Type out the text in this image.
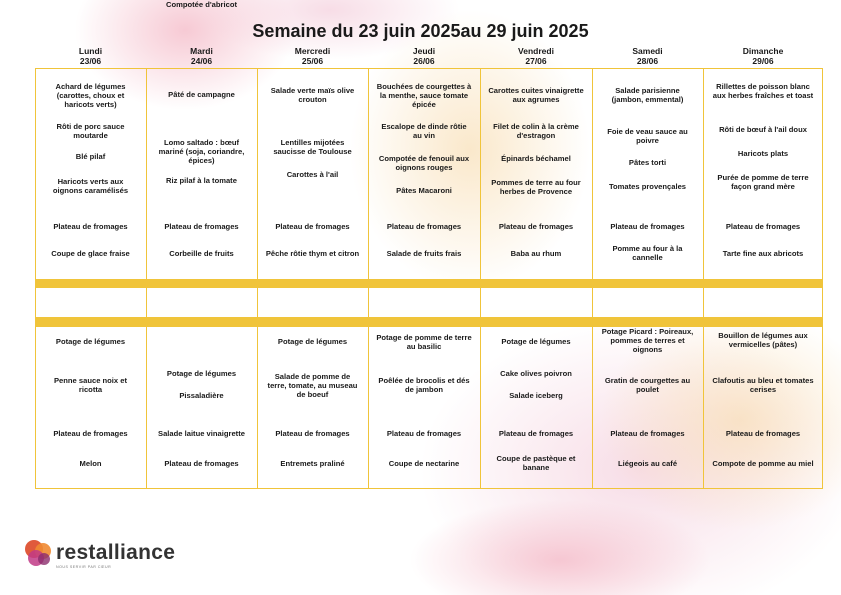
Semaine du 23 juin 2025au 29 juin 2025
Lundi
23/06
Mardi
24/06
Mercredi
25/06
Jeudi
26/06
Vendredi
27/06
Samedi
28/06
Dimanche
29/06
Achard de légumes (carottes, choux et haricots verts)
Rôti de porc sauce moutarde
Blé pilaf
Haricots verts aux oignons caramélisés
Plateau de fromages
Coupe de glace fraise
Pâté de campagne
Lomo saltado : bœuf mariné (soja, coriandre, épices)
Riz pilaf à la tomate
Plateau de fromages
Corbeille de fruits
Salade verte maïs olive crouton
Lentilles mijotées saucisse de Toulouse
Carottes à l'ail
Plateau de fromages
Pêche rôtie thym et citron
Bouchées de courgettes à la menthe, sauce tomate épicée
Escalope de dinde rôtie au vin
Compotée de fenouil aux oignons rouges
Pâtes Macaroni
Plateau de fromages
Salade de fruits frais
Carottes cuites vinaigrette aux agrumes
Filet de colin à la crème d'estragon
Épinards béchamel
Pommes de terre au four herbes de Provence
Plateau de fromages
Baba au rhum
Salade parisienne (jambon, emmental)
Foie de veau sauce au poivre
Pâtes torti
Tomates provençales
Plateau de fromages
Pomme au four à la cannelle
Rillettes de poisson blanc aux herbes fraîches et toast
Rôti de bœuf à l'ail doux
Haricots plats
Purée de pomme de terre façon grand mère
Plateau de fromages
Tarte fine aux abricots
Potage de légumes
Penne sauce noix et ricotta
Plateau de fromages
Melon
Potage de légumes
Pissaladière
Salade laitue vinaigrette
Plateau de fromages
Compotée d'abricot
Potage de légumes
Salade de pomme de terre, tomate, au museau de boeuf
Plateau de fromages
Entremets praliné
Potage de pomme de terre au basilic
Poêlée de brocolis et dés de jambon
Plateau de fromages
Coupe de nectarine
Potage de légumes
Cake olives poivron
Salade iceberg
Plateau de fromages
Coupe de pastèque et banane
Potage Picard : Poireaux, pommes de terres et oignons
Gratin de courgettes au poulet
Plateau de fromages
Liégeois au café
Bouillon de légumes aux vermicelles (pâtes)
Clafoutis au bleu et tomates cerises
Plateau de fromages
Compote de pomme au miel
restalliance
NOUS SERVIR PAR CŒUR
